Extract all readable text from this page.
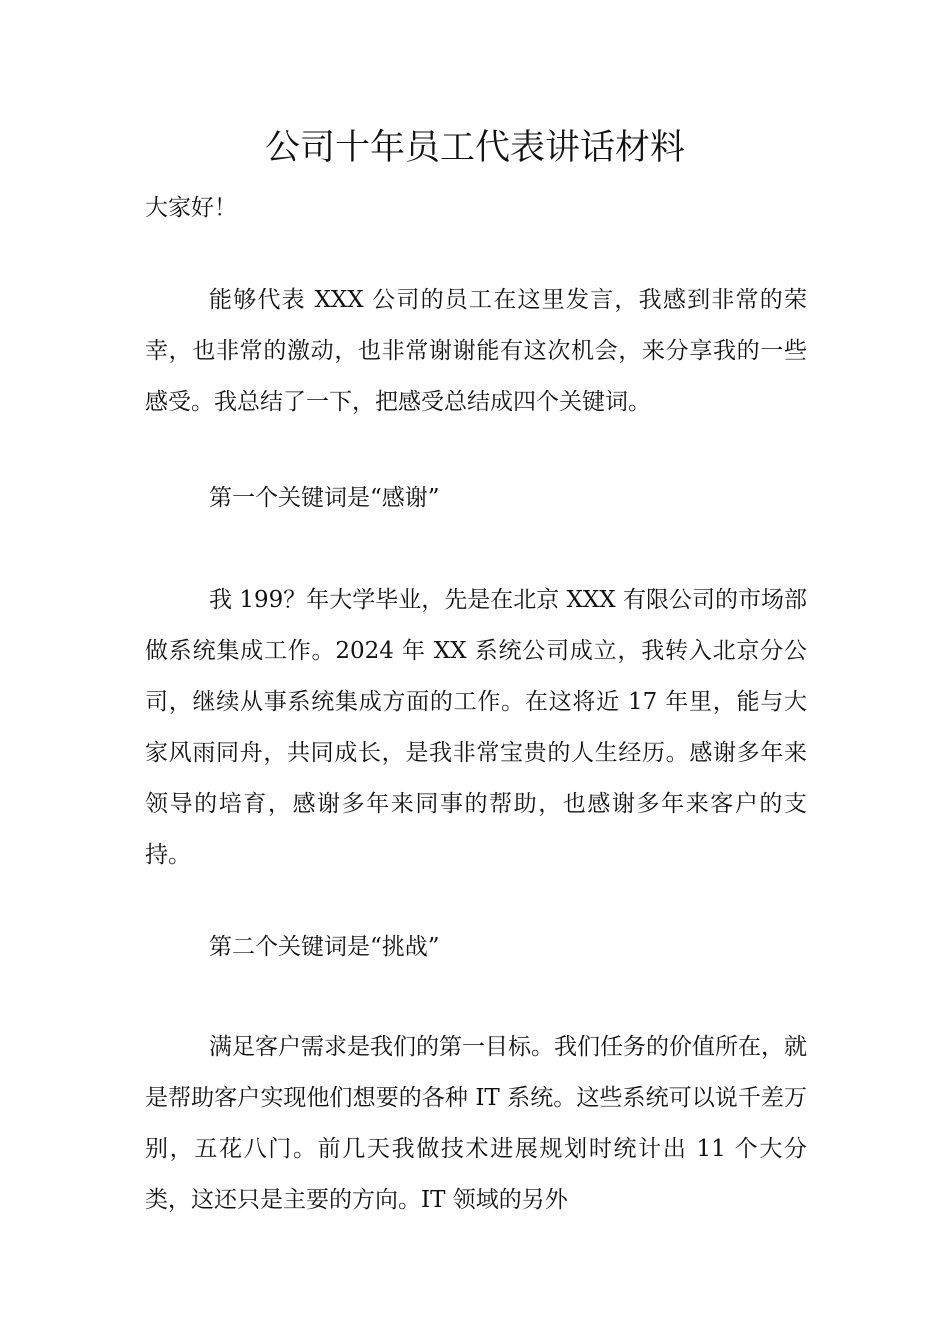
公司十年员工代表讲话材料

大家好！

能够代表 XXX 公司的员工在这里发言，我感到非常的荣幸，也非常的激动，也非常谢谢能有这次机会，来分享我的一些感受。我总结了一下，把感受总结成四个关键词。

第一个关键词是“感谢”

我 199？年大学毕业，先是在北京 XXX 有限公司的市场部做系统集成工作。2024 年 XX 系统公司成立，我转入北京分公司，继续从事系统集成方面的工作。在这将近 17 年里，能与大家风雨同舟，共同成长，是我非常宝贵的人生经历。感谢多年来领导的培育，感谢多年来同事的帮助，也感谢多年来客户的支持。

第二个关键词是“挑战”

满足客户需求是我们的第一目标。我们任务的价值所在，就是帮助客户实现他们想要的各种 IT 系统。这些系统可以说千差万别，五花八门。前几天我做技术进展规划时统计出 11 个大分类，这还只是主要的方向。IT 领域的另外
